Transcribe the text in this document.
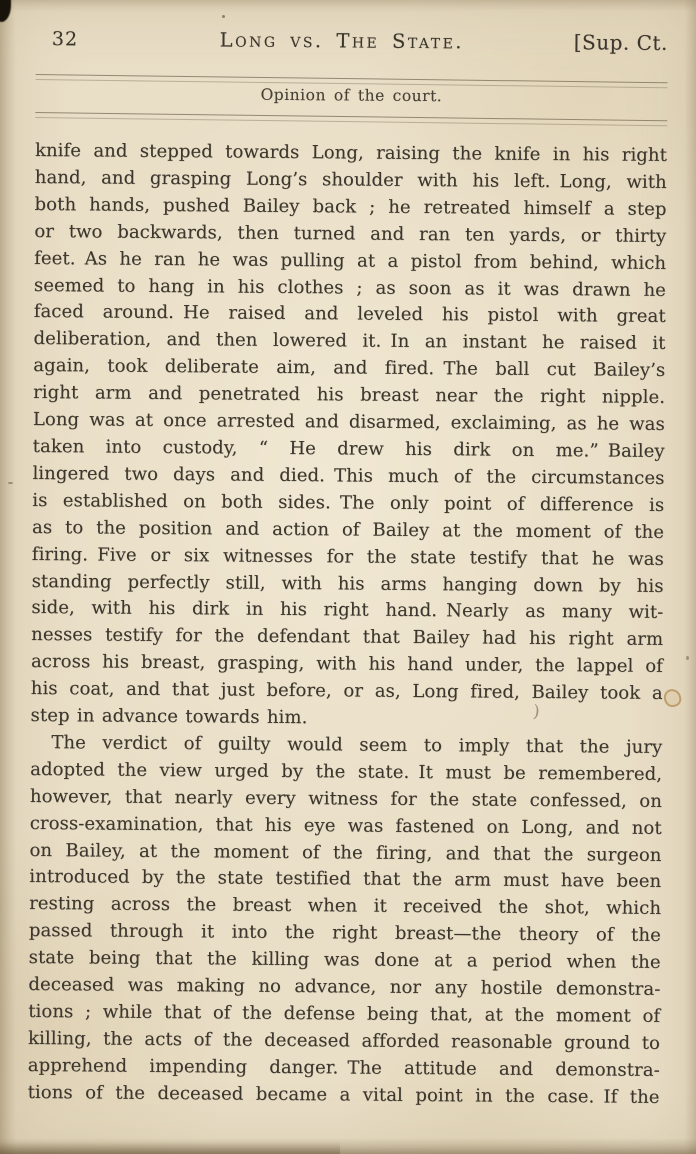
32	Long vs. The State.	[Sup. Ct.
Opinion of the court.
knife and stepped towards Long, raising the knife in his right
hand, and grasping Long’s shoulder with his left. Long, with
both hands, pushed Bailey back ; he retreated himself a step
or two backwards, then turned and ran ten yards, or thirty
feet. As he ran he was pulling at a pistol from behind, which
seemed to hang in his clothes ; as soon as it was drawn he
faced around. He raised and leveled his pistol with great
deliberation, and then lowered it. In an instant he raised it
again, took deliberate aim, and fired. The ball cut Bailey’s
right arm and penetrated his breast near the right nipple.
Long was at once arrested and disarmed, exclaiming, as he was
taken into custody, “ He drew his dirk on me.” Bailey
lingered two days and died. This much of the circumstances
is established on both sides. The only point of difference is
as to the position and action of Bailey at the moment of the
firing. Five or six witnesses for the state testify that he was
standing perfectly still, with his arms hanging down by his
side, with his dirk in his right hand. Nearly as many wit-
nesses testify for the defendant that Bailey had his right arm
across his breast, grasping, with his hand under, the lappel of
his coat, and that just before, or as, Long fired, Bailey took a
step in advance towards him.
The verdict of guilty would seem to imply that the jury
adopted the view urged by the state. It must be remembered,
however, that nearly every witness for the state confessed, on
cross-examination, that his eye was fastened on Long, and not
on Bailey, at the moment of the firing, and that the surgeon
introduced by the state testified that the arm must have been
resting across the breast when it received the shot, which
passed through it into the right breast—the theory of the
state being that the killing was done at a period when the
deceased was making no advance, nor any hostile demonstra-
tions ; while that of the defense being that, at the moment of
killing, the acts of the deceased afforded reasonable ground to
apprehend impending danger. The attitude and demonstra-
tions of the deceased became a vital point in the case. If the
)
